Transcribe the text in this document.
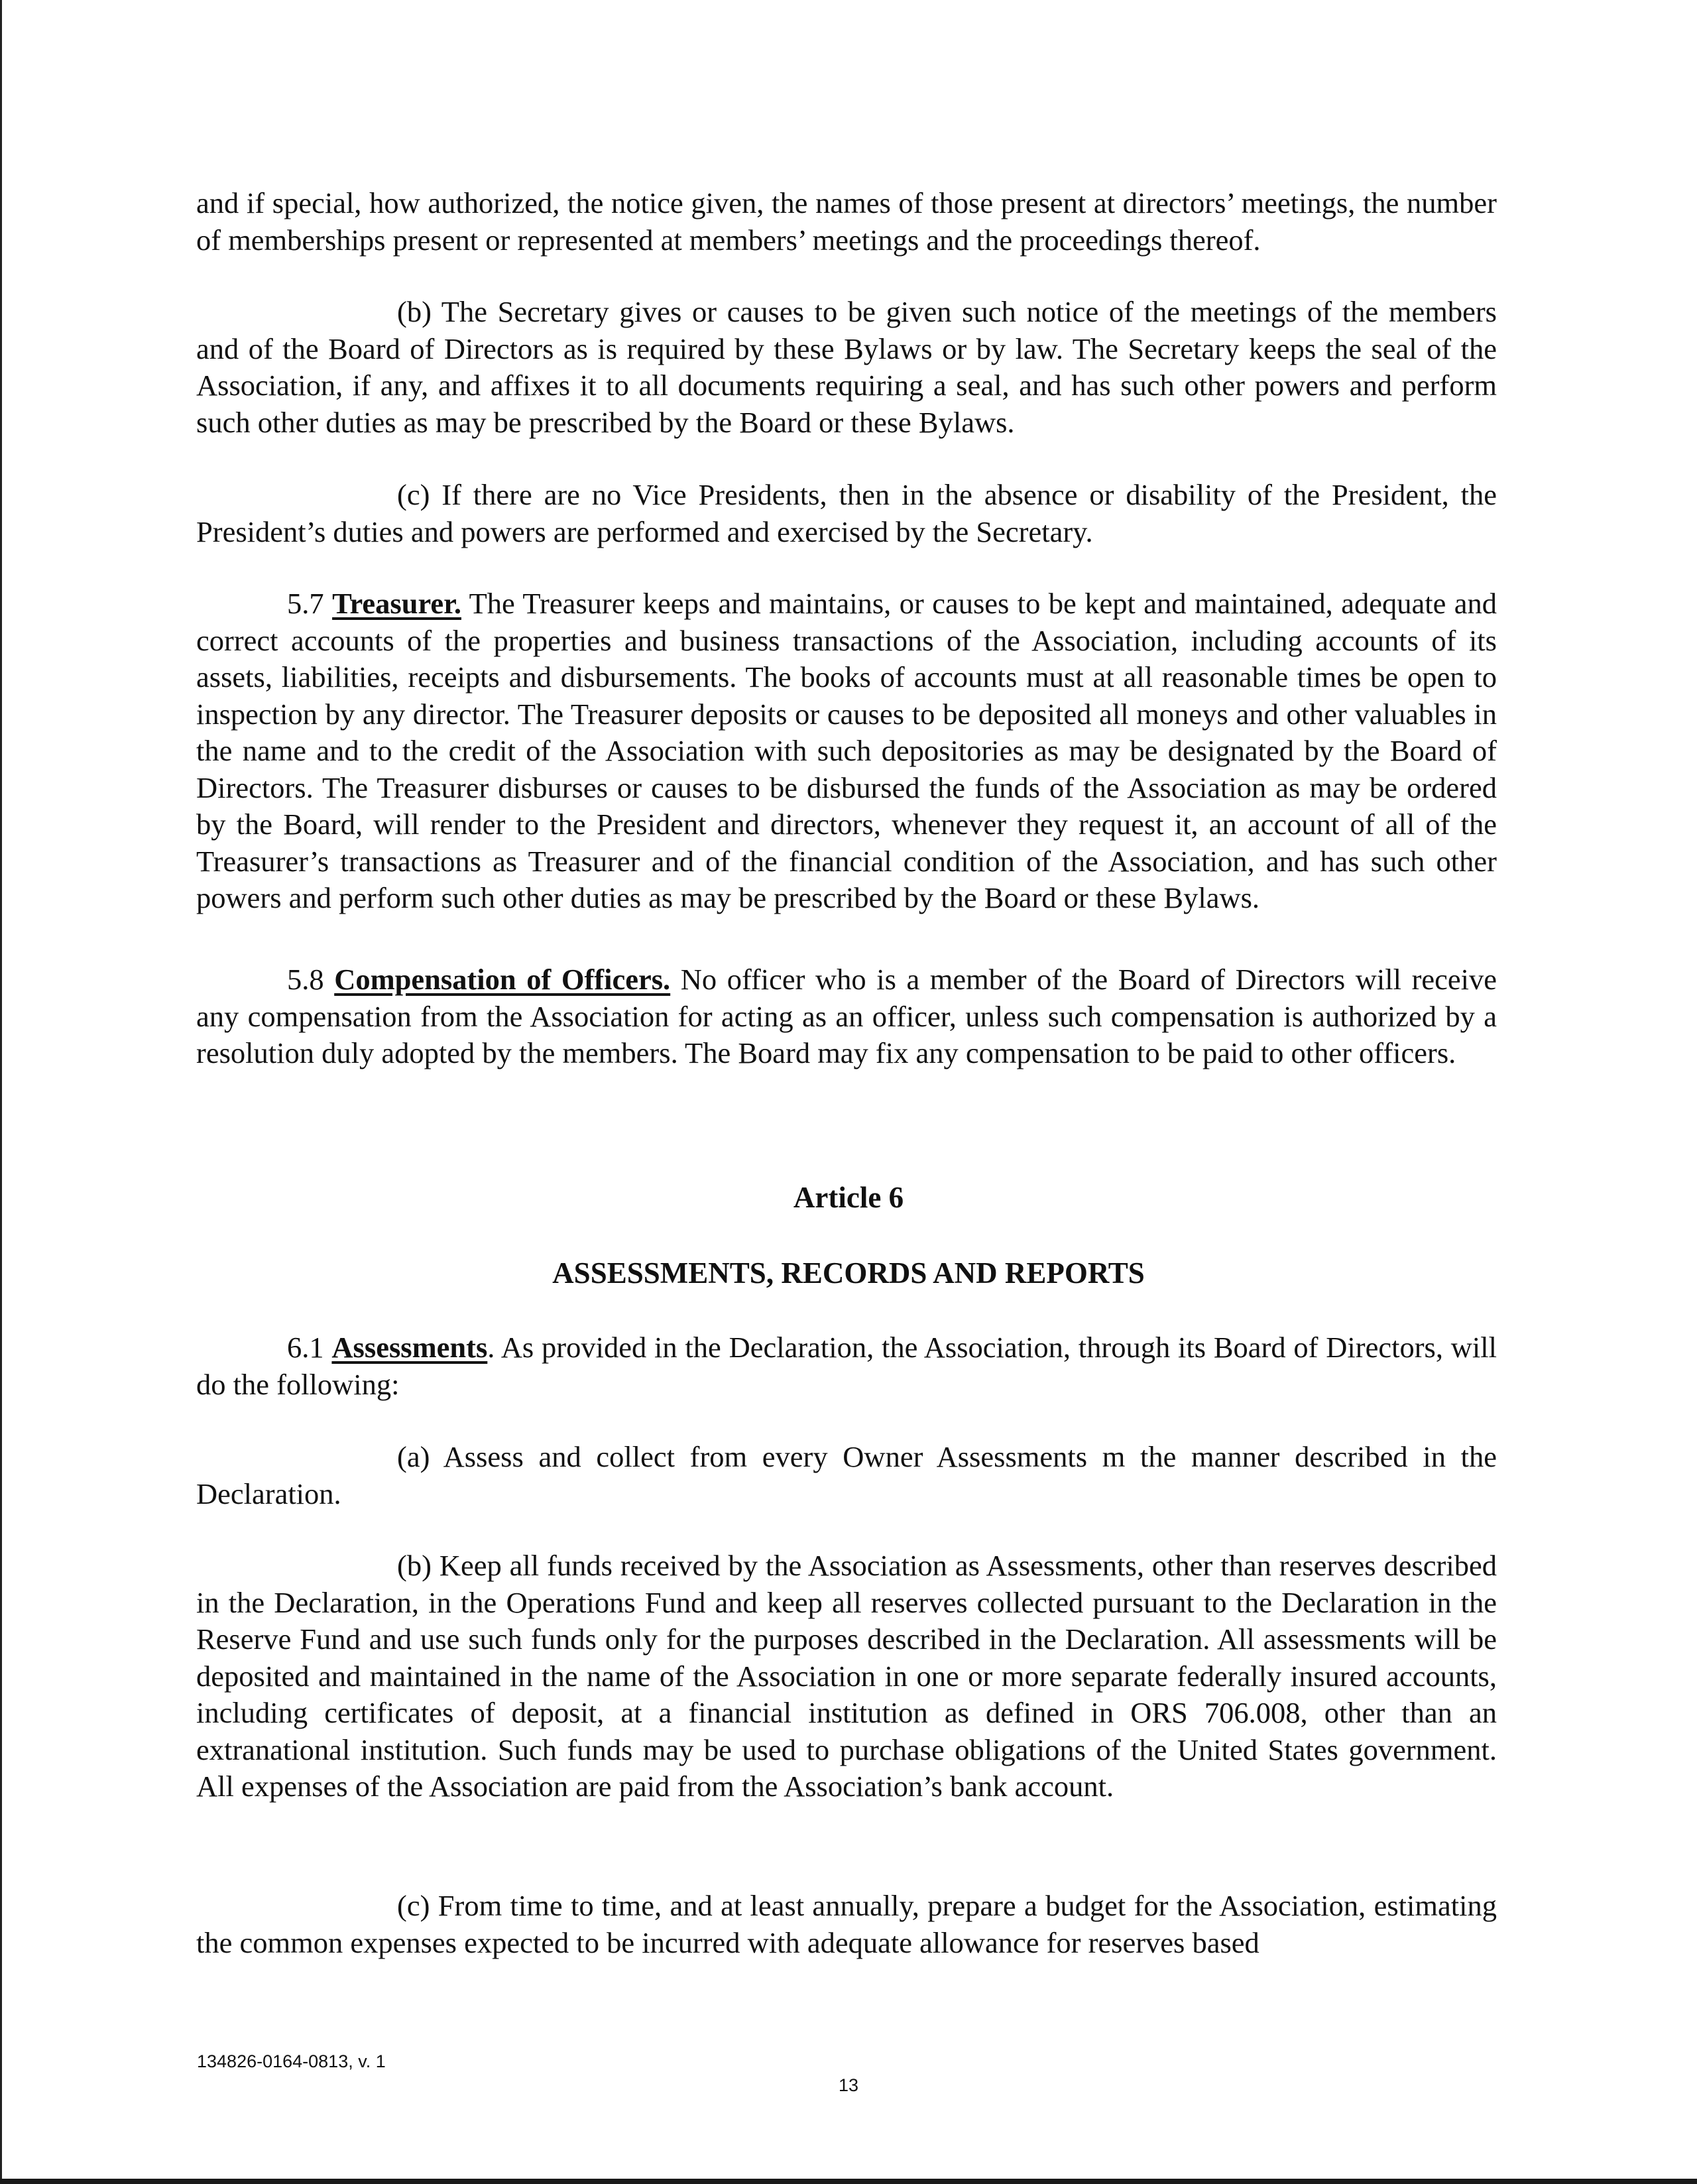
and if special, how authorized, the notice given, the names of those present at directors’ meetings, the number of memberships present or represented at members’ meetings and the proceedings thereof.

(b) The Secretary gives or causes to be given such notice of the meetings of the members and of the Board of Directors as is required by these Bylaws or by law. The Secretary keeps the seal of the Association, if any, and affixes it to all documents requiring a seal, and has such other powers and perform such other duties as may be prescribed by the Board or these Bylaws.

(c) If there are no Vice Presidents, then in the absence or disability of the President, the President’s duties and powers are performed and exercised by the Secretary.

5.7 Treasurer. The Treasurer keeps and maintains, or causes to be kept and maintained, adequate and correct accounts of the properties and business transactions of the Association, including accounts of its assets, liabilities, receipts and disbursements. The books of accounts must at all reasonable times be open to inspection by any director. The Treasurer deposits or causes to be deposited all moneys and other valuables in the name and to the credit of the Association with such depositories as may be designated by the Board of Directors. The Treasurer disburses or causes to be disbursed the funds of the Association as may be ordered by the Board, will render to the President and directors, whenever they request it, an account of all of the Treasurer’s transactions as Treasurer and of the financial condition of the Association, and has such other powers and perform such other duties as may be prescribed by the Board or these Bylaws.

5.8 Compensation of Officers. No officer who is a member of the Board of Directors will receive any compensation from the Association for acting as an officer, unless such compensation is authorized by a resolution duly adopted by the members. The Board may fix any compensation to be paid to other officers.

Article 6
ASSESSMENTS, RECORDS AND REPORTS

6.1 Assessments. As provided in the Declaration, the Association, through its Board of Directors, will do the following:

(a) Assess and collect from every Owner Assessments m the manner described in the Declaration.

(b) Keep all funds received by the Association as Assessments, other than reserves described in the Declaration, in the Operations Fund and keep all reserves collected pursuant to the Declaration in the Reserve Fund and use such funds only for the purposes described in the Declaration. All assessments will be deposited and maintained in the name of the Association in one or more separate federally insured accounts, including certificates of deposit, at a financial institution as defined in ORS 706.008, other than an extranational institution. Such funds may be used to purchase obligations of the United States government. All expenses of the Association are paid from the Association’s bank account.

(c) From time to time, and at least annually, prepare a budget for the Association, estimating the common expenses expected to be incurred with adequate allowance for reserves based

134826-0164-0813, v. 1
13
